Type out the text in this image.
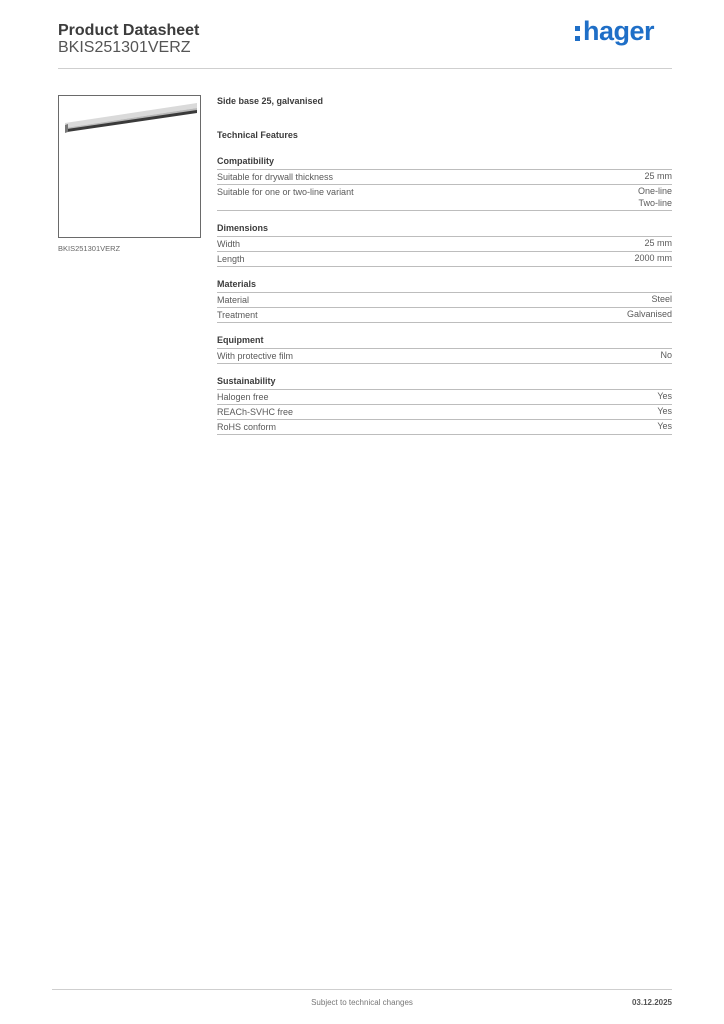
Product Datasheet
BKIS251301VERZ
hager
BKIS251301VERZ
Side base 25, galvanised
Technical Features
Compatibility
Suitable for drywall thickness	25 mm
Suitable for one or two-line variant	One-line
Two-line
Dimensions
Width	25 mm
Length	2000 mm
Materials
Material	Steel
Treatment	Galvanised
Equipment
With protective film	No
Sustainability
Halogen free	Yes
REACh-SVHC free	Yes
RoHS conform	Yes
Subject to technical changes	03.12.2025
